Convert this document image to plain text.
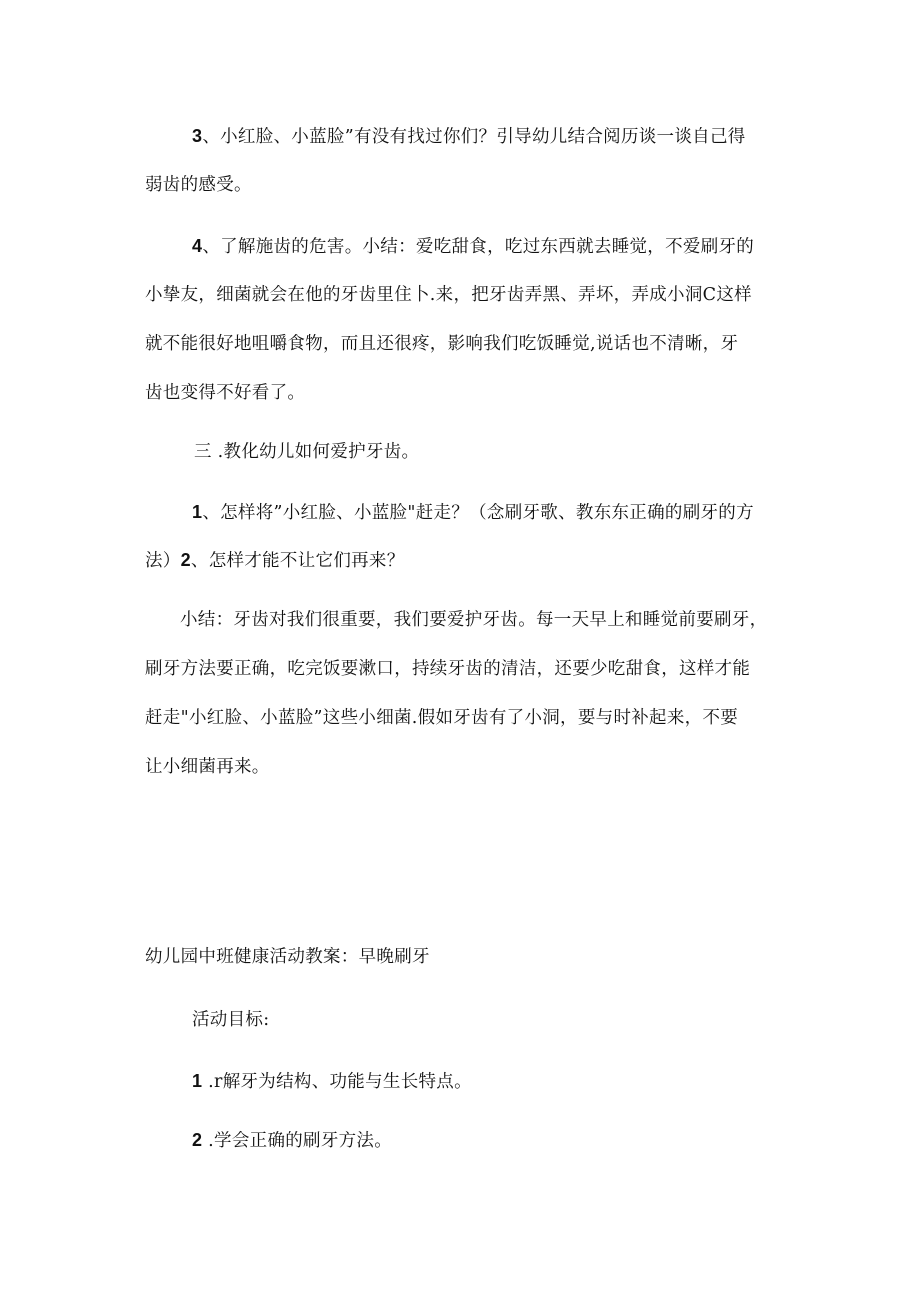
3、小红脸、小蓝脸”有没有找过你们？引导幼儿结合阅历谈一谈自己得
弱齿的感受。
4、了解施齿的危害。小结：爱吃甜食，吃过东西就去睡觉，不爱刷牙的
小挚友，细菌就会在他的牙齿里住卜.来，把牙齿弄黑、弄坏，弄成小洞C这样
就不能很好地咀嚼食物，而且还很疼，影响我们吃饭睡觉,说话也不清晰，牙
齿也变得不好看了。
三 .教化幼儿如何爱护牙齿。
1、怎样将”小红脸、小蓝脸"赶走？（念刷牙歌、教东东正确的刷牙的方
法）2、怎样才能不让它们再来？
小结：牙齿对我们很重要，我们要爱护牙齿。每一天早上和睡觉前要刷牙，
刷牙方法要正确，吃完饭要漱口，持续牙齿的清洁，还要少吃甜食，这样才能
赶走"小红脸、小蓝脸”这些小细菌.假如牙齿有了小洞，要与时补起来，不要
让小细菌再来。
幼儿园中班健康活动教案：早晚刷牙
活动目标:
1 .r解牙为结构、功能与生长特点。
2 .学会正确的刷牙方法。
